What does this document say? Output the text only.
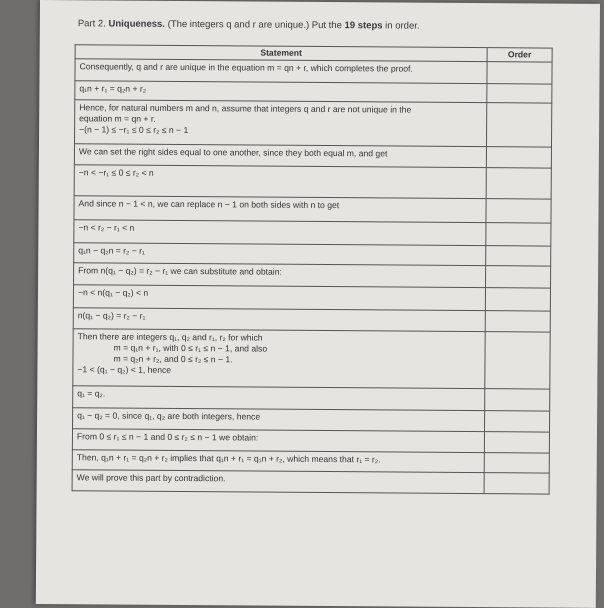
Part 2. Uniqueness. (The integers q and r are unique.) Put the 19 steps in order.
Statement	Order

Consequently, q and r are unique in the equation m = qn + r, which completes the proof.	

q₁n + r₁ = q₂n + r₂	

Hence, for natural numbers m and n, assume that integers q and r are not unique in the
equation m = qn + r.
−(n − 1) ≤ −r₁ ≤ 0 ≤ r₂ ≤ n − 1	

We can set the right sides equal to one another, since they both equal m, and get	

−n < −r₁ ≤ 0 ≤ r₂ < n	

And since n − 1 < n, we can replace n − 1 on both sides with n to get	

−n < r₂ − r₁ < n	

q₁n − q₂n = r₂ − r₁	

From n(q₁ − q₂) = r₂ − r₁ we can substitute and obtain:	

−n < n(q₁ − q₂) < n	

n(q₁ − q₂) = r₂ − r₁	

Then there are integers q₁, q₂ and r₁, r₂ for which
m = q₁n + r₁, with 0 ≤ r₁ ≤ n − 1, and also
m = q₂n + r₂, and 0 ≤ r₂ ≤ n − 1.
−1 < (q₁ − q₂) < 1, hence	

q₁ = q₂.	

q₁ − q₂ = 0, since q₁, q₂ are both integers, hence	

From 0 ≤ r₁ ≤ n − 1 and 0 ≤ r₂ ≤ n − 1 we obtain:	

Then, q₁n + r₁ = q₂n + r₂ implies that q₁n + r₁ = q₁n + r₂, which means that r₁ = r₂.	

We will prove this part by contradiction.	
